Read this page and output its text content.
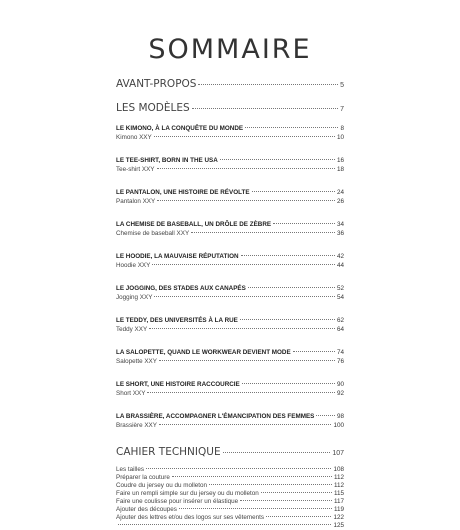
SOMMAIRE
AVANT-PROPOS	5
LES MODÈLES	7
LE KIMONO, À LA CONQUÊTE DU MONDE	8
Kimono XXY	10
LE TEE-SHIRT, BORN IN THE USA	16
Tee-shirt XXY	18
LE PANTALON, UNE HISTOIRE DE RÉVOLTE	24
Pantalon XXY	26
LA CHEMISE DE BASEBALL, UN DRÔLE DE ZÈBRE	34
Chemise de baseball XXY	36
LE HOODIE, LA MAUVAISE RÉPUTATION	42
Hoodie XXY	44
LE JOGGING, DES STADES AUX CANAPÉS	52
Jogging XXY	54
LE TEDDY, DES UNIVERSITÉS À LA RUE	62
Teddy XXY	64
LA SALOPETTE, QUAND LE WORKWEAR DEVIENT MODE	74
Salopette XXY	76
LE SHORT, UNE HISTOIRE RACCOURCIE	90
Short XXY	92
LA BRASSIÈRE, ACCOMPAGNER L'ÉMANCIPATION DES FEMMES	98
Brassière XXY	100
CAHIER TECHNIQUE	107
Les tailles	108
Préparer la couture	112
Coudre du jersey ou du molleton	112
Faire un rempli simple sur du jersey ou du molleton	115
Faire une coulisse pour insérer un élastique	117
Ajouter des découpes	119
Ajouter des lettres et/ou des logos sur ses vêtements	122
125
